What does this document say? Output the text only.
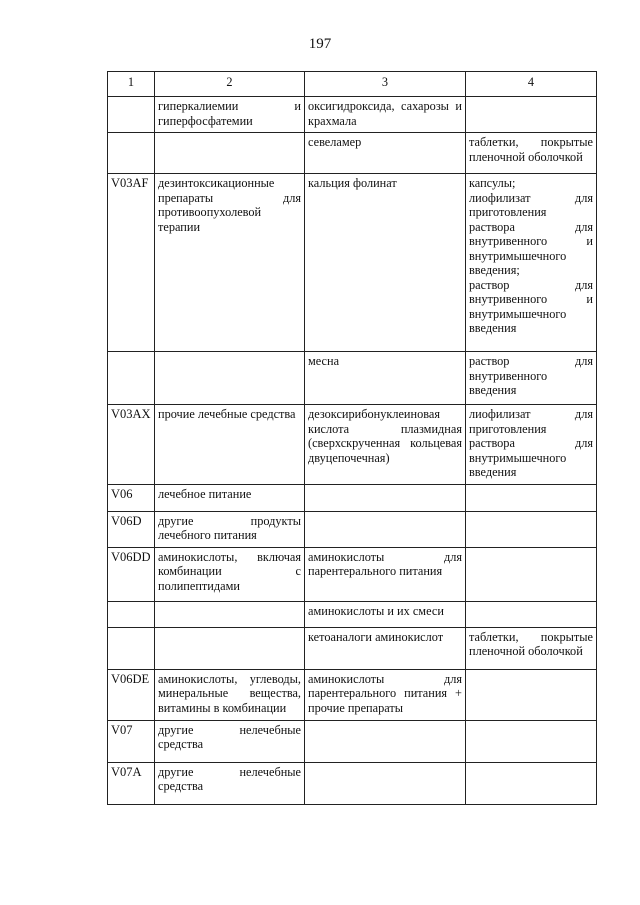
197
1	2	3	4

	гиперкалиемии и гиперфосфатемии	оксигидроксида, сахарозы и крахмала	

		севеламер	таблетки, покрытые пленочной оболочкой

V03AF	дезинтоксикационные препараты для противоопухолевой терапии	кальция фолинат	капсулы;
лиофилизат для приготовления раствора для внутривенного и внутримышечного введения;
раствор для внутривенного и внутримышечного введения

		месна	раствор для внутривенного введения

V03AX	прочие лечебные средства	дезоксирибонуклеиновая кислота плазмидная (сверхскрученная кольцевая двуцепочечная)	лиофилизат для приготовления раствора для внутримышечного введения

V06	лечебное питание		

V06D	другие продукты лечебного питания		

V06DD	аминокислоты, включая комбинации с полипептидами	аминокислоты для парентерального питания	

		аминокислоты и их смеси	

		кетоаналоги аминокислот	таблетки, покрытые пленочной оболочкой

V06DE	аминокислоты, углеводы, минеральные вещества, витамины в комбинации	аминокислоты для парентерального питания + прочие препараты	

V07	другие нелечебные средства		

V07A	другие нелечебные средства		
